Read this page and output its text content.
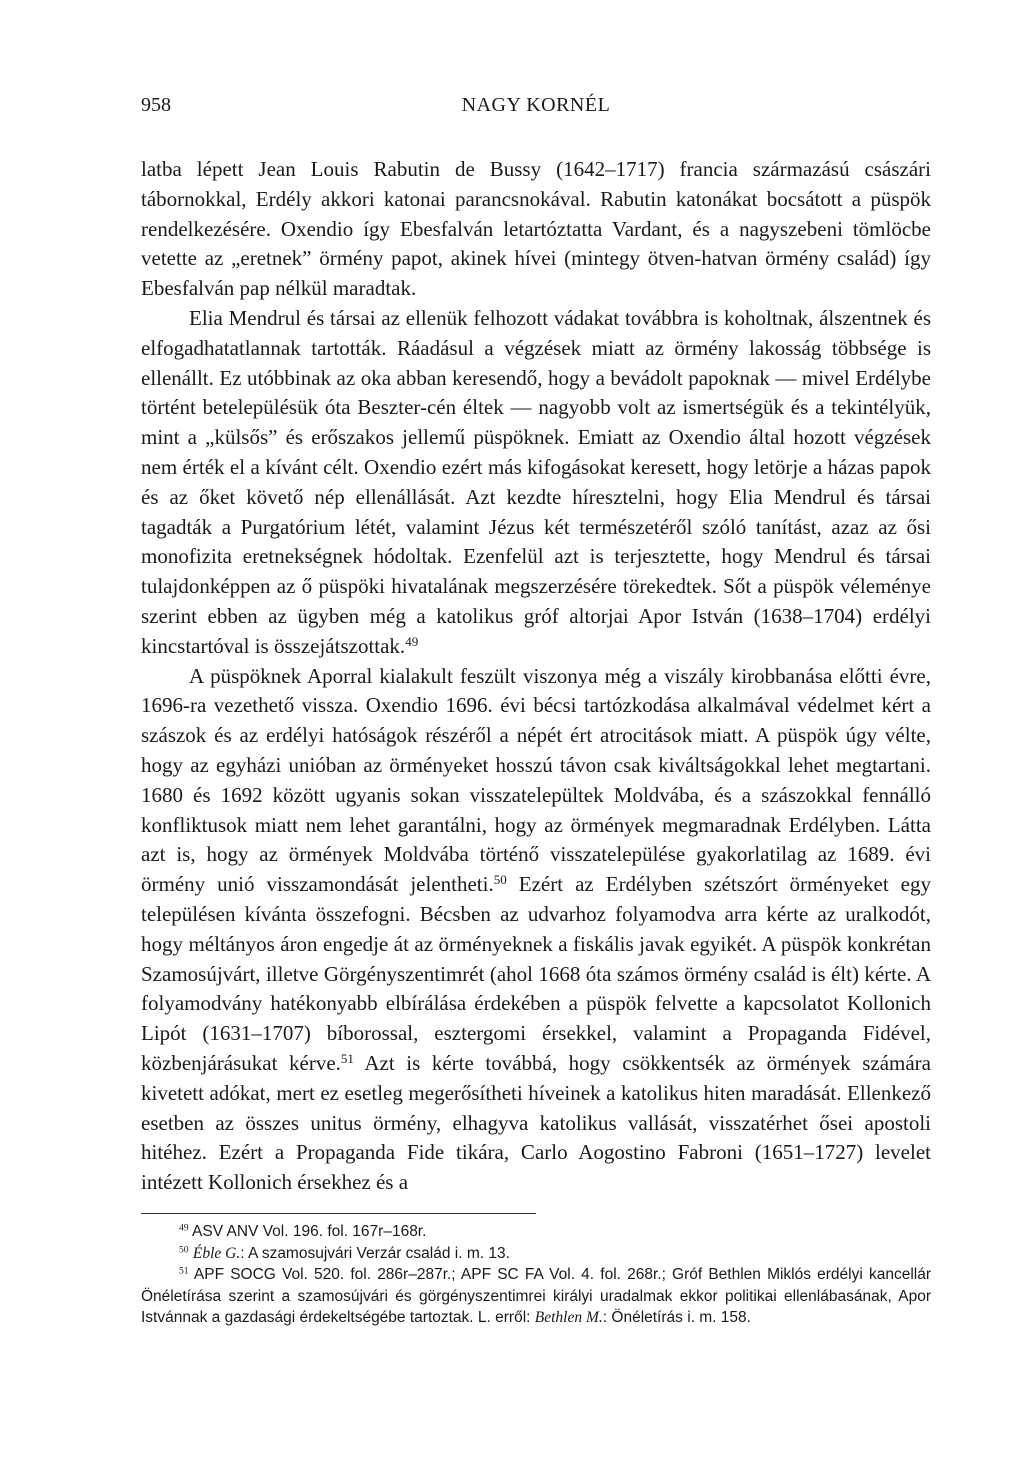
958	NAGY KORNÉL

latba lépett Jean Louis Rabutin de Bussy (1642–1717) francia származású császári tábornokkal, Erdély akkori katonai parancsnokával. Rabutin katonákat bocsátott a püspök rendelkezésére. Oxendio így Ebesfalván letartóztatta Vardant, és a nagyszebeni tömlöcbe vetette az „eretnek” örmény papot, akinek hívei (mintegy ötven-hatvan örmény család) így Ebesfalván pap nélkül maradtak.

Elia Mendrul és társai az ellenük felhozott vádakat továbbra is koholtnak, álszentnek és elfogadhatatlannak tartották. Ráadásul a végzések miatt az örmény lakosság többsége is ellenállt. Ez utóbbinak az oka abban keresendő, hogy a bevádolt papoknak — mivel Erdélybe történt betelepülésük óta Beszter-cén éltek — nagyobb volt az ismertségük és a tekintélyük, mint a „külsős” és erőszakos jellemű püspöknek. Emiatt az Oxendio által hozott végzések nem érték el a kívánt célt. Oxendio ezért más kifogásokat keresett, hogy letörje a házas papok és az őket követő nép ellenállását. Azt kezdte híresztelni, hogy Elia Mendrul és társai tagadták a Purgatórium létét, valamint Jézus két természetéről szóló tanítást, azaz az ősi monofizita eretnekségnek hódoltak. Ezenfelül azt is terjesztette, hogy Mendrul és társai tulajdonképpen az ő püspöki hivatalának megszerzésére törekedtek. Sőt a püspök véleménye szerint ebben az ügyben még a katolikus gróf altorjai Apor István (1638–1704) erdélyi kincstartóval is összejátszottak.$^{49}$

A püspöknek Aporral kialakult feszült viszonya még a viszály kirobbanása előtti évre, 1696-ra vezethető vissza. Oxendio 1696. évi bécsi tartózkodása alkalmával védelmet kért a szászok és az erdélyi hatóságok részéről a népét ért atrocitások miatt. A püspök úgy vélte, hogy az egyházi unióban az örményeket hosszú távon csak kiváltságokkal lehet megtartani. 1680 és 1692 között ugyanis sokan visszatelepültek Moldvába, és a szászokkal fennálló konfliktusok miatt nem lehet garantálni, hogy az örmények megmaradnak Erdélyben. Látta azt is, hogy az örmények Moldvába történő visszatelepülése gyakorlatilag az 1689. évi örmény unió visszamondását jelentheti.$^{50}$ Ezért az Erdélyben szétszórt örményeket egy településen kívánta összefogni. Bécsben az udvarhoz folyamodva arra kérte az uralkodót, hogy méltányos áron engedje át az örményeknek a fiskális javak egyikét. A püspök konkrétan Szamosújvárt, illetve Görgényszentimrét (ahol 1668 óta számos örmény család is élt) kérte. A folyamodvány hatékonyabb elbírálása érdekében a püspök felvette a kapcsolatot Kollonich Lipót (1631–1707) bíborossal, esztergomi érsekkel, valamint a Propaganda Fidével, közbenjárásukat kérve.$^{51}$ Azt is kérte továbbá, hogy csökkentsék az örmények számára kivetett adókat, mert ez esetleg megerősítheti híveinek a katolikus hiten maradását. Ellenkező esetben az összes unitus örmény, elhagyva katolikus vallását, visszatérhet ősei apostoli hitéhez. Ezért a Propaganda Fide tikára, Carlo Aogostino Fabroni (1651–1727) levelet intézett Kollonich érsekhez és a

$^{49}$ ASV ANV Vol. 196. fol. 167r–168r.

$^{50}$ Éble G.: A szamosujvári Verzár család i. m. 13.

$^{51}$ APF SOCG Vol. 520. fol. 286r–287r.; APF SC FA Vol. 4. fol. 268r.; Gróf Bethlen Miklós erdélyi kancellár Önéletírása szerint a szamosújvári és görgényszentimrei királyi uradalmak ekkor politikai ellenlábasának, Apor Istvánnak a gazdasági érdekeltségébe tartoztak. L. erről: Bethlen M.: Önéletírás i. m. 158.
